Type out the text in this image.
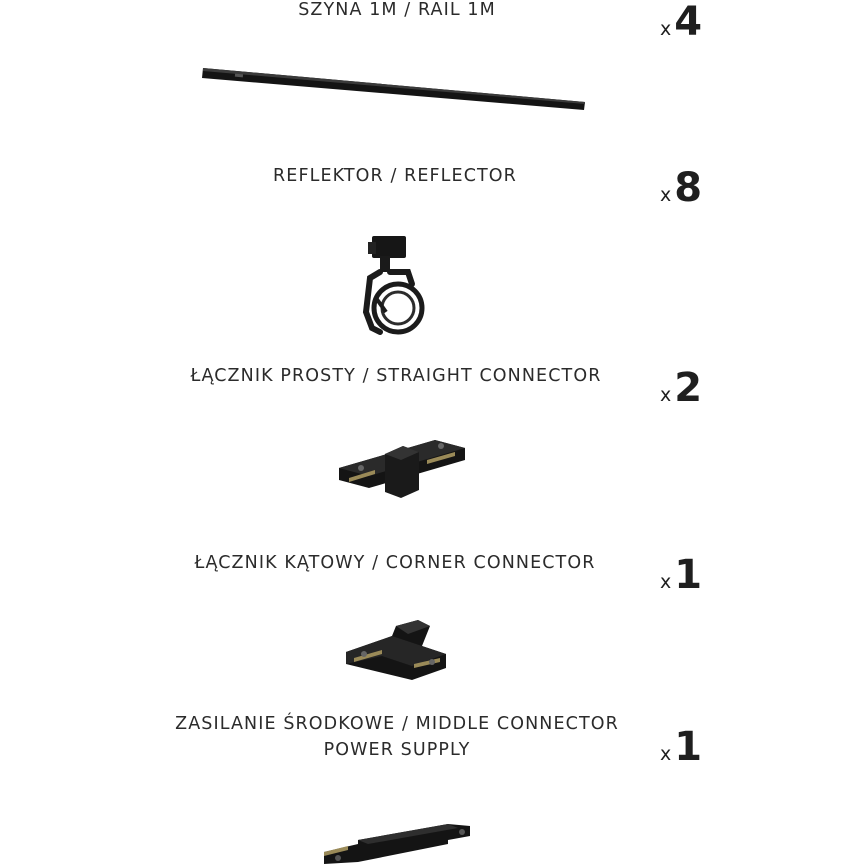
SZYNA 1M / RAIL 1M
x 4
REFLEKTOR / REFLECTOR
x 8
ŁĄCZNIK PROSTY / STRAIGHT CONNECTOR
x 2
ŁĄCZNIK KĄTOWY / CORNER CONNECTOR
x 1
ZASILANIE ŚRODKOWE / MIDDLE CONNECTOR
POWER SUPPLY	x 1
